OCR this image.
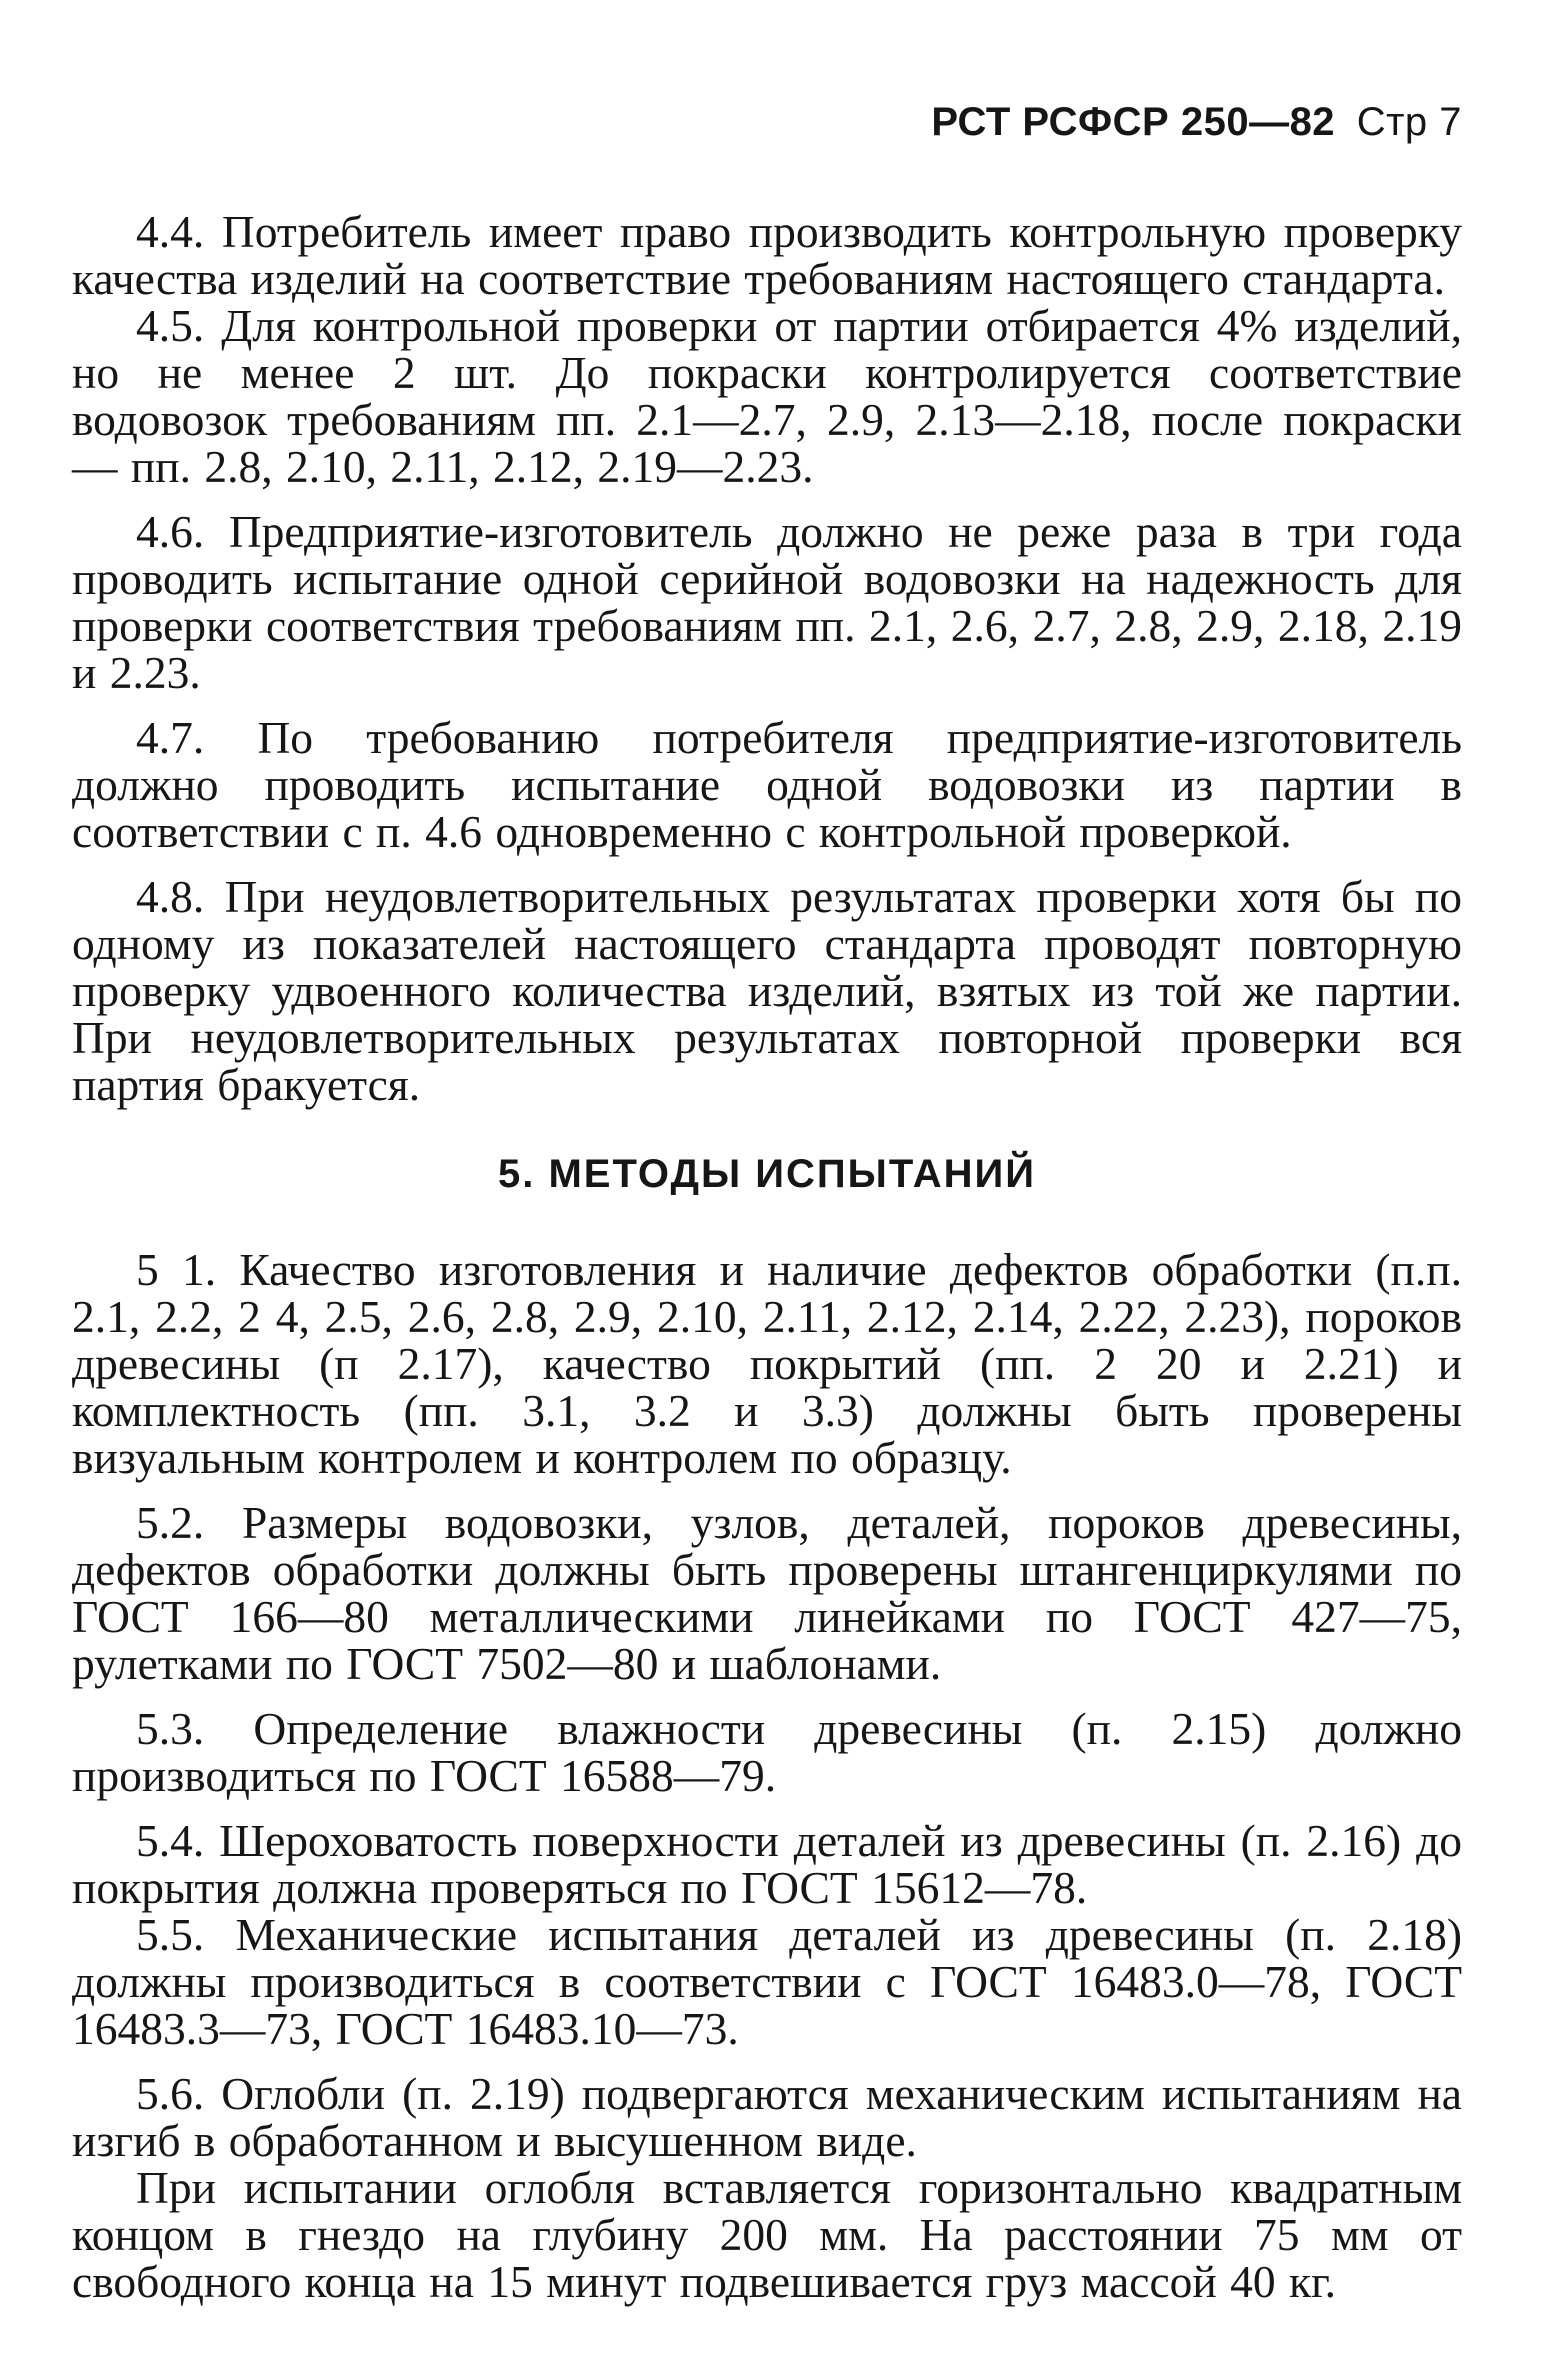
РСТ РСФСР 250—82 Стр 7

4.4. Потребитель имеет право производить контрольную проверку качества изделий на соответствие требованиям настоящего стандарта.

4.5. Для контрольной проверки от партии отбирается 4% изделий, но не менее 2 шт. До покраски контролируется соответствие водовозок требованиям пп. 2.1—2.7, 2.9, 2.13—2.18, после покраски — пп. 2.8, 2.10, 2.11, 2.12, 2.19—2.23.

4.6. Предприятие-изготовитель должно не реже раза в три года проводить испытание одной серийной водовозки на надежность для проверки соответствия требованиям пп. 2.1, 2.6, 2.7, 2.8, 2.9, 2.18, 2.19 и 2.23.

4.7. По требованию потребителя предприятие-изготовитель должно проводить испытание одной водовозки из партии в соответствии с п. 4.6 одновременно с контрольной проверкой.

4.8. При неудовлетворительных результатах проверки хотя бы по одному из показателей настоящего стандарта проводят повторную проверку удвоенного количества изделий, взятых из той же партии. При неудовлетворительных результатах повторной проверки вся партия бракуется.

5. МЕТОДЫ ИСПЫТАНИЙ

5 1. Качество изготовления и наличие дефектов обработки (п.п. 2.1, 2.2, 2 4, 2.5, 2.6, 2.8, 2.9, 2.10, 2.11, 2.12, 2.14, 2.22, 2.23), пороков древесины (п 2.17), качество покрытий (пп. 2 20 и 2.21) и комплектность (пп. 3.1, 3.2 и 3.3) должны быть проверены визуальным контролем и контролем по образцу.

5.2. Размеры водовозки, узлов, деталей, пороков древесины, дефектов обработки должны быть проверены штангенциркулями по ГОСТ 166—80 металлическими линейками по ГОСТ 427—75, рулетками по ГОСТ 7502—80 и шаблонами.

5.3. Определение влажности древесины (п. 2.15) должно производиться по ГОСТ 16588—79.

5.4. Шероховатость поверхности деталей из древесины (п. 2.16) до покрытия должна проверяться по ГОСТ 15612—78.

5.5. Механические испытания деталей из древесины (п. 2.18) должны производиться в соответствии с ГОСТ 16483.0—78, ГОСТ 16483.3—73, ГОСТ 16483.10—73.

5.6. Оглобли (п. 2.19) подвергаются механическим испытаниям на изгиб в обработанном и высушенном виде.

При испытании оглобля вставляется горизонтально квадратным концом в гнездо на глубину 200 мм. На расстоянии 75 мм от свободного конца на 15 минут подвешивается груз массой 40 кг.
